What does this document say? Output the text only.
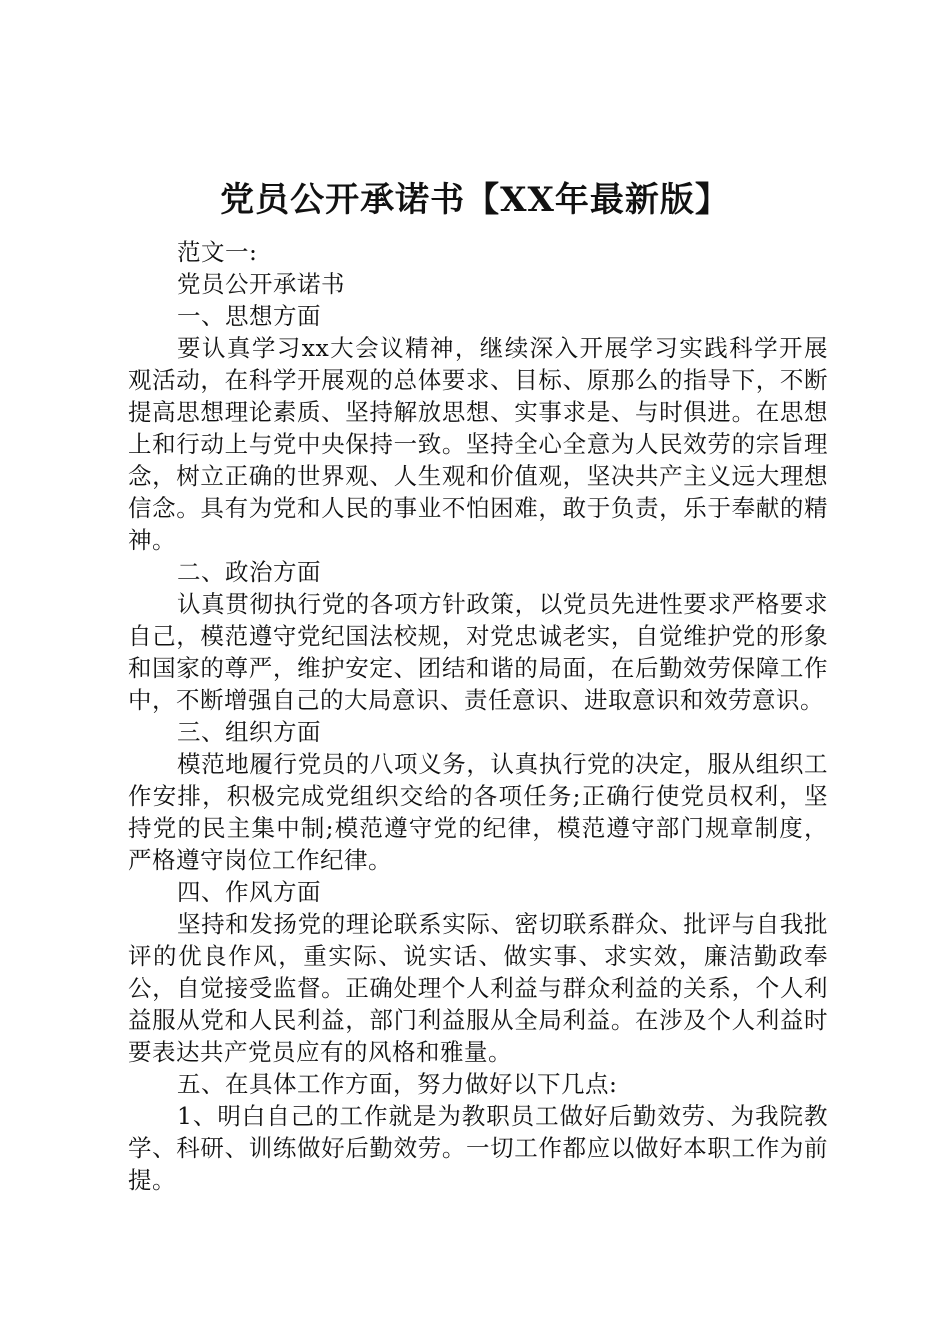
党员公开承诺书【XX年最新版】

范文一:

党员公开承诺书

一、思想方面

要认真学习xx大会议精神，继续深入开展学习实践科学开展观活动，在科学开展观的总体要求、目标、原那么的指导下，不断提高思想理论素质、坚持解放思想、实事求是、与时俱进。在思想上和行动上与党中央保持一致。坚持全心全意为人民效劳的宗旨理念，树立正确的世界观、人生观和价值观，坚决共产主义远大理想信念。具有为党和人民的事业不怕困难，敢于负责，乐于奉献的精神。

二、政治方面

认真贯彻执行党的各项方针政策，以党员先进性要求严格要求自己，模范遵守党纪国法校规，对党忠诚老实，自觉维护党的形象和国家的尊严，维护安定、团结和谐的局面，在后勤效劳保障工作中，不断增强自己的大局意识、责任意识、进取意识和效劳意识。

三、组织方面

模范地履行党员的八项义务，认真执行党的决定，服从组织工作安排，积极完成党组织交给的各项任务;正确行使党员权利，坚持党的民主集中制;模范遵守党的纪律，模范遵守部门规章制度，严格遵守岗位工作纪律。

四、作风方面

坚持和发扬党的理论联系实际、密切联系群众、批评与自我批评的优良作风，重实际、说实话、做实事、求实效，廉洁勤政奉公，自觉接受监督。正确处理个人利益与群众利益的关系，个人利益服从党和人民利益，部门利益服从全局利益。在涉及个人利益时要表达共产党员应有的风格和雅量。

五、在具体工作方面，努力做好以下几点:

1、明白自己的工作就是为教职员工做好后勤效劳、为我院教学、科研、训练做好后勤效劳。一切工作都应以做好本职工作为前提。
